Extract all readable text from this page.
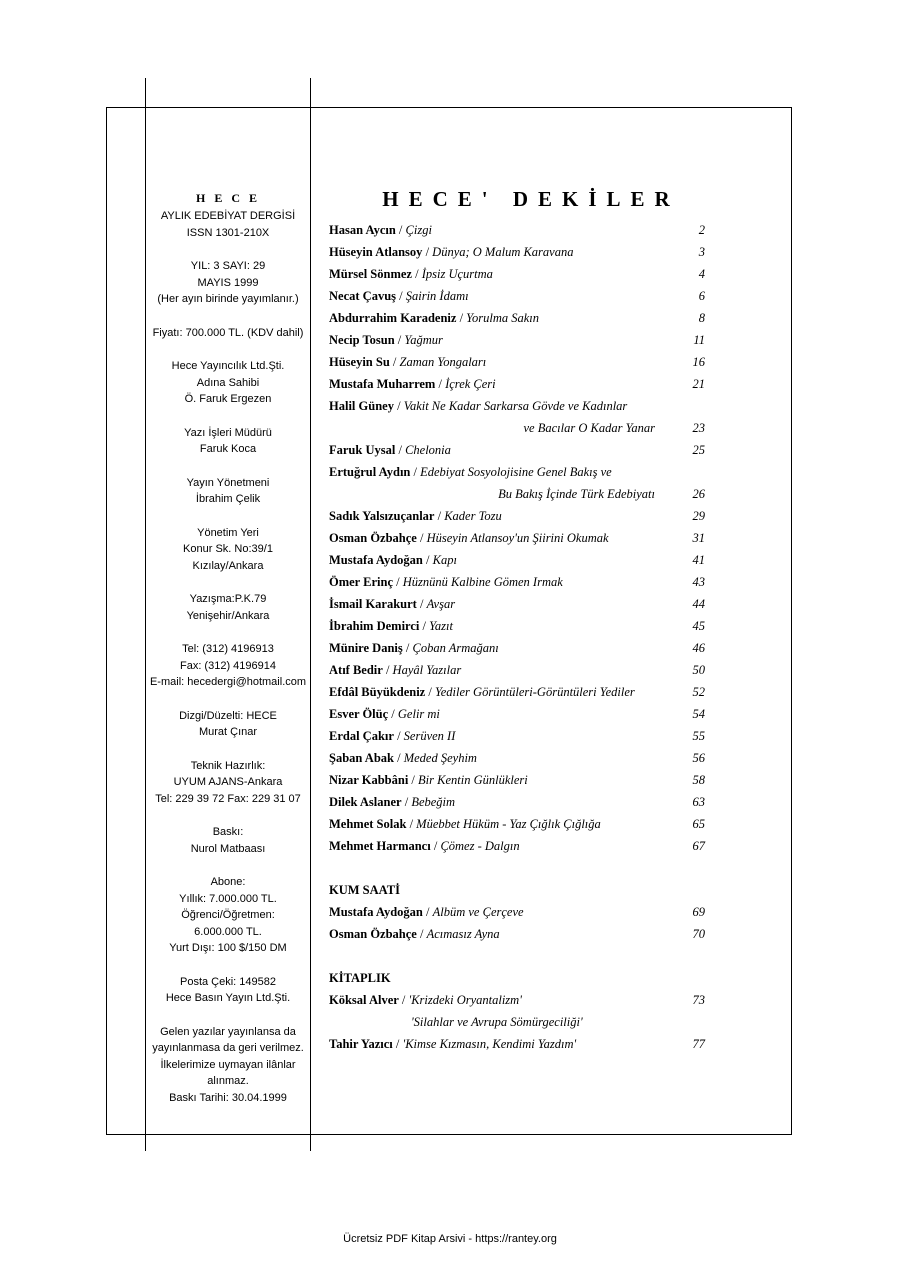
H E C E
AYLIK EDEBİYAT DERGİSİ
ISSN 1301-210X
YIL: 3 SAYI: 29
MAYIS 1999
(Her ayın birinde yayımlanır.)
Fiyatı: 700.000 TL. (KDV dahil)
Hece Yayıncılık Ltd.Şti.
Adına Sahibi
Ö. Faruk Ergezen
Yazı İşleri Müdürü
Faruk Koca
Yayın Yönetmeni
İbrahim Çelik
Yönetim Yeri
Konur Sk. No:39/1
Kızılay/Ankara
Yazışma:P.K.79
Yenişehir/Ankara
Tel: (312) 4196913
Fax: (312) 4196914
E-mail: hecedergi@hotmail.com
Dizgi/Düzelti: HECE
Murat Çınar
Teknik Hazırlık:
UYUM AJANS-Ankara
Tel: 229 39 72 Fax: 229 31 07
Baskı:
Nurol Matbaası
Abone:
Yıllık: 7.000.000 TL.
Öğrenci/Öğretmen:
6.000.000 TL.
Yurt Dışı: 100 $/150 DM
Posta Çeki: 149582
Hece Basın Yayın Ltd.Şti.
Gelen yazılar yayınlansa da
yayınlanmasa da geri verilmez.
İlkelerimize uymayan ilânlar
alınmaz.
Baskı Tarihi: 30.04.1999
HECE' DEKİLER
Hasan Aycın / Çizgi	2
Hüseyin Atlansoy / Dünya; O Malum Karavana	3
Mürsel Sönmez / İpsiz Uçurtma	4
Necat Çavuş / Şairin İdamı	6
Abdurrahim Karadeniz / Yorulma Sakın	8
Necip Tosun / Yağmur	11
Hüseyin Su / Zaman Yongaları	16
Mustafa Muharrem / İçrek Çeri	21
Halil Güney / Vakit Ne Kadar Sarkarsa Gövde ve Kadınlar
ve Bacılar O Kadar Yanar	23
Faruk Uysal / Chelonia	25
Ertuğrul Aydın / Edebiyat Sosyolojisine Genel Bakış ve
Bu Bakış İçinde Türk Edebiyatı	26
Sadık Yalsızuçanlar / Kader Tozu	29
Osman Özbahçe / Hüseyin Atlansoy'un Şiirini Okumak	31
Mustafa Aydoğan / Kapı	41
Ömer Erinç / Hüznünü Kalbine Gömen Irmak	43
İsmail Karakurt / Avşar	44
İbrahim Demirci / Yazıt	45
Münire Daniş / Çoban Armağanı	46
Atıf Bedir / Hayâl Yazılar	50
Efdâl Büyükdeniz / Yediler Görüntüleri-Görüntüleri Yediler	52
Esver Ölüç / Gelir mi	54
Erdal Çakır / Serüven II	55
Şaban Abak / Meded Şeyhim	56
Nizar Kabbâni / Bir Kentin Günlükleri	58
Dilek Aslaner / Bebeğim	63
Mehmet Solak / Müebbet Hüküm - Yaz Çığlık Çığlığa	65
Mehmet Harmancı / Çömez - Dalgın	67
KUM SAATİ
Mustafa Aydoğan / Albüm ve Çerçeve	69
Osman Özbahçe / Acımasız Ayna	70
KİTAPLIK
Köksal Alver / 'Krizdeki Oryantalizm'	73
'Silahlar ve Avrupa Sömürgeciliği'
Tahir Yazıcı / 'Kimse Kızmasın, Kendimi Yazdım'	77
Ücretsiz PDF Kitap Arsivi - https://rantey.org
